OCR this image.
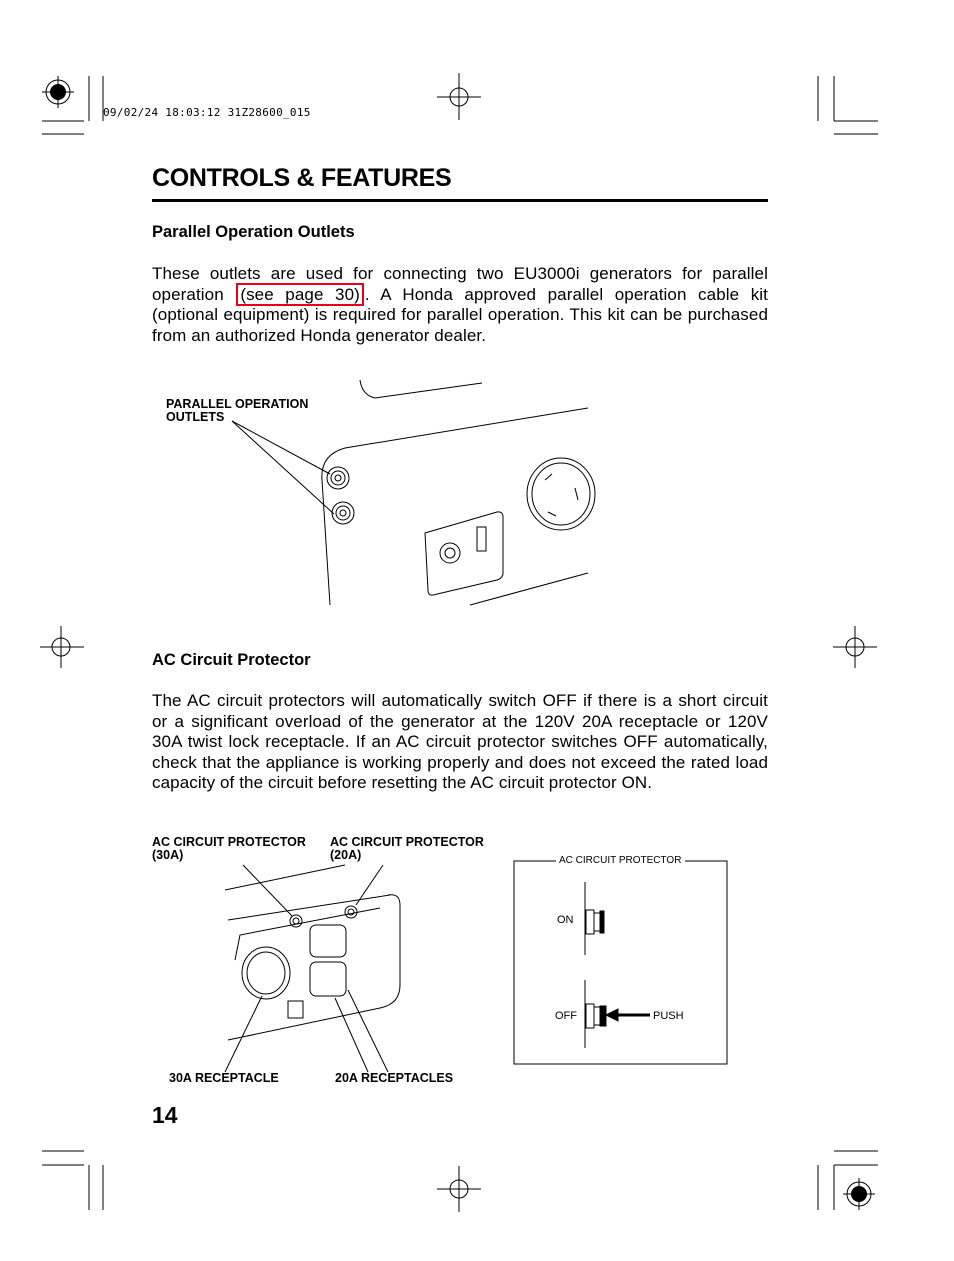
09/02/24 18:03:12 31Z28600_015
CONTROLS & FEATURES
Parallel Operation Outlets
These outlets are used for connecting two EU3000i generators for parallel operation (see page 30) . A Honda approved parallel operation cable kit (optional equipment) is required for parallel operation. This kit can be purchased from an authorized Honda generator dealer.
PARALLEL OPERATION
OUTLETS
AC Circuit Protector
The AC circuit protectors will automatically switch OFF if there is a short circuit or a significant overload of the generator at the 120V 20A receptacle or 120V 30A twist lock receptacle. If an AC circuit protector switches OFF automatically, check that the appliance is working properly and does not exceed the rated load capacity of the circuit before resetting the AC circuit protector ON.
AC CIRCUIT PROTECTOR
(30A)
AC CIRCUIT PROTECTOR
(20A)
30A RECEPTACLE	20A RECEPTACLES
AC CIRCUIT PROTECTOR
ON
OFF	PUSH
14
